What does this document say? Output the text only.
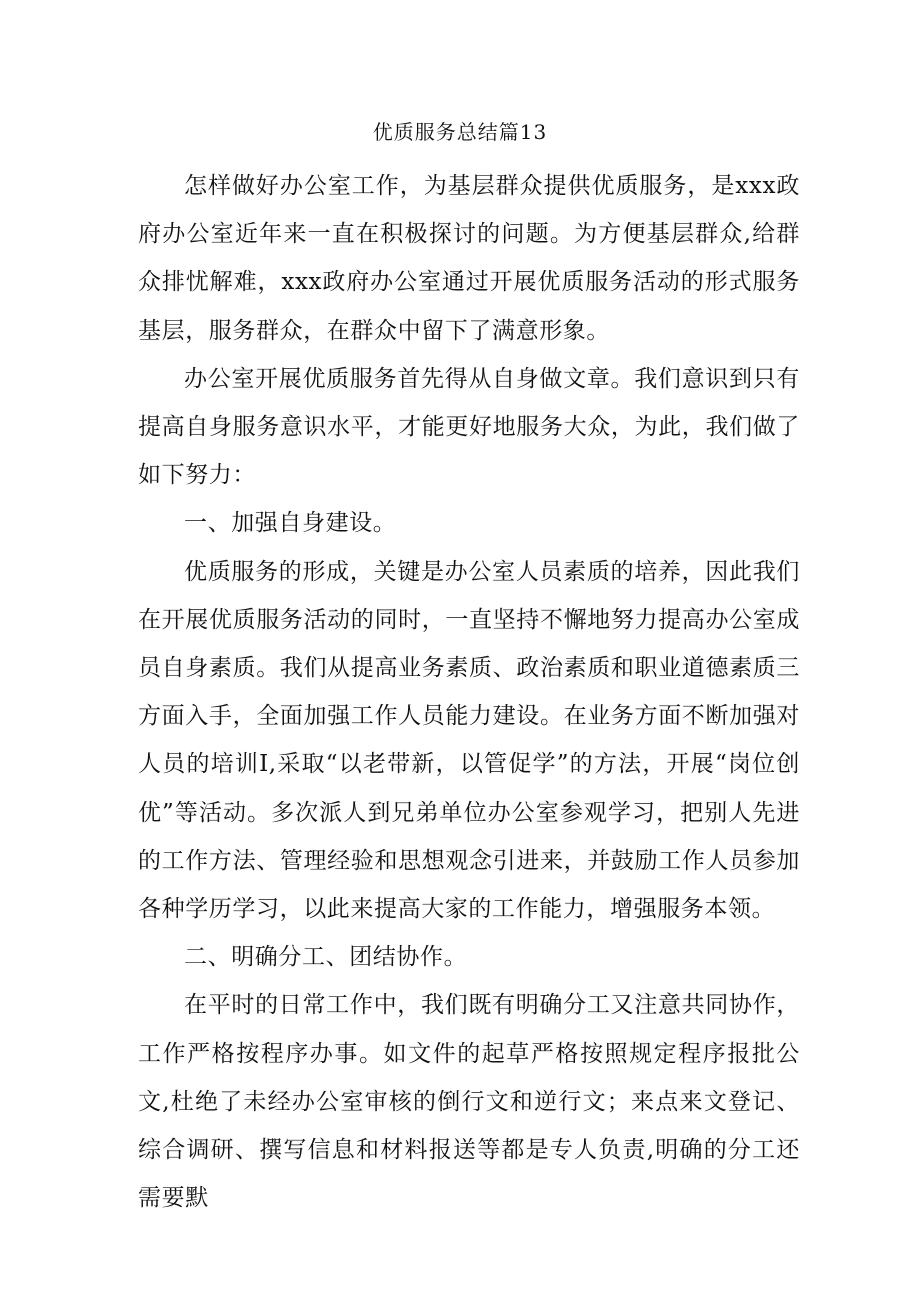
优质服务总结篇13

怎样做好办公室工作，为基层群众提供优质服务，是xxx政府办公室近年来一直在积极探讨的问题。为方便基层群众,给群众排忧解难，xxx政府办公室通过开展优质服务活动的形式服务基层，服务群众，在群众中留下了满意形象。

办公室开展优质服务首先得从自身做文章。我们意识到只有提高自身服务意识水平，才能更好地服务大众，为此，我们做了如下努力：

一、加强自身建设。

优质服务的形成，关键是办公室人员素质的培养，因此我们在开展优质服务活动的同时，一直坚持不懈地努力提高办公室成员自身素质。我们从提高业务素质、政治素质和职业道德素质三方面入手，全面加强工作人员能力建设。在业务方面不断加强对人员的培训I,采取“以老带新，以管促学”的方法，开展“岗位创优”等活动。多次派人到兄弟单位办公室参观学习，把别人先进的工作方法、管理经验和思想观念引进来，并鼓励工作人员参加各种学历学习，以此来提高大家的工作能力，增强服务本领。

二、明确分工、团结协作。

在平时的日常工作中，我们既有明确分工又注意共同协作，工作严格按程序办事。如文件的起草严格按照规定程序报批公文,杜绝了未经办公室审核的倒行文和逆行文；来点来文登记、综合调研、撰写信息和材料报送等都是专人负责,明确的分工还需要默
